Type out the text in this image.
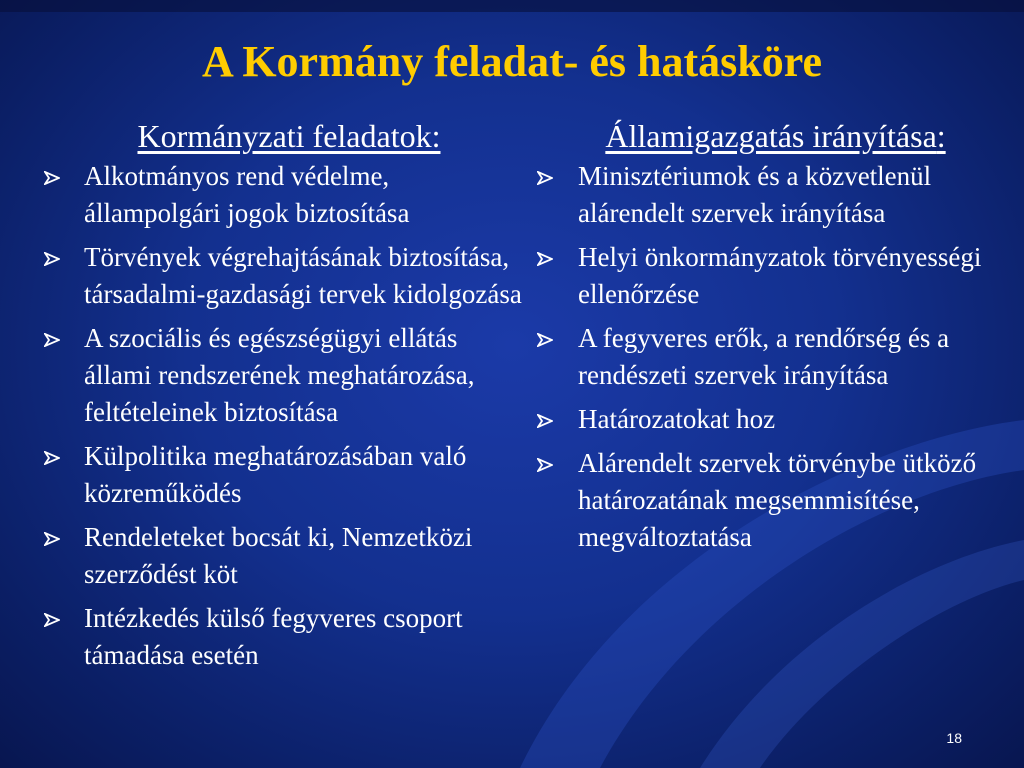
A Kormány feladat- és hatásköre
Kormányzati feladatok:
Alkotmányos rend védelme, állampolgári jogok biztosítása
Törvények végrehajtásának biztosítása, társadalmi-gazdasági tervek kidolgozása
A szociális és egészségügyi ellátás állami rendszerének meghatározása, feltételeinek biztosítása
Külpolitika meghatározásában való közreműködés
Rendeleteket bocsát ki, Nemzetközi szerződést köt
Intézkedés külső fegyveres csoport támadása esetén
Államigazgatás irányítása:
Minisztériumok és a közvetlenül alárendelt szervek irányítása
Helyi önkormányzatok törvényességi ellenőrzése
A fegyveres erők, a rendőrség és a rendészeti szervek irányítása
Határozatokat hoz
Alárendelt szervek törvénybe ütköző határozatának megsemmisítése, megváltoztatása
18
